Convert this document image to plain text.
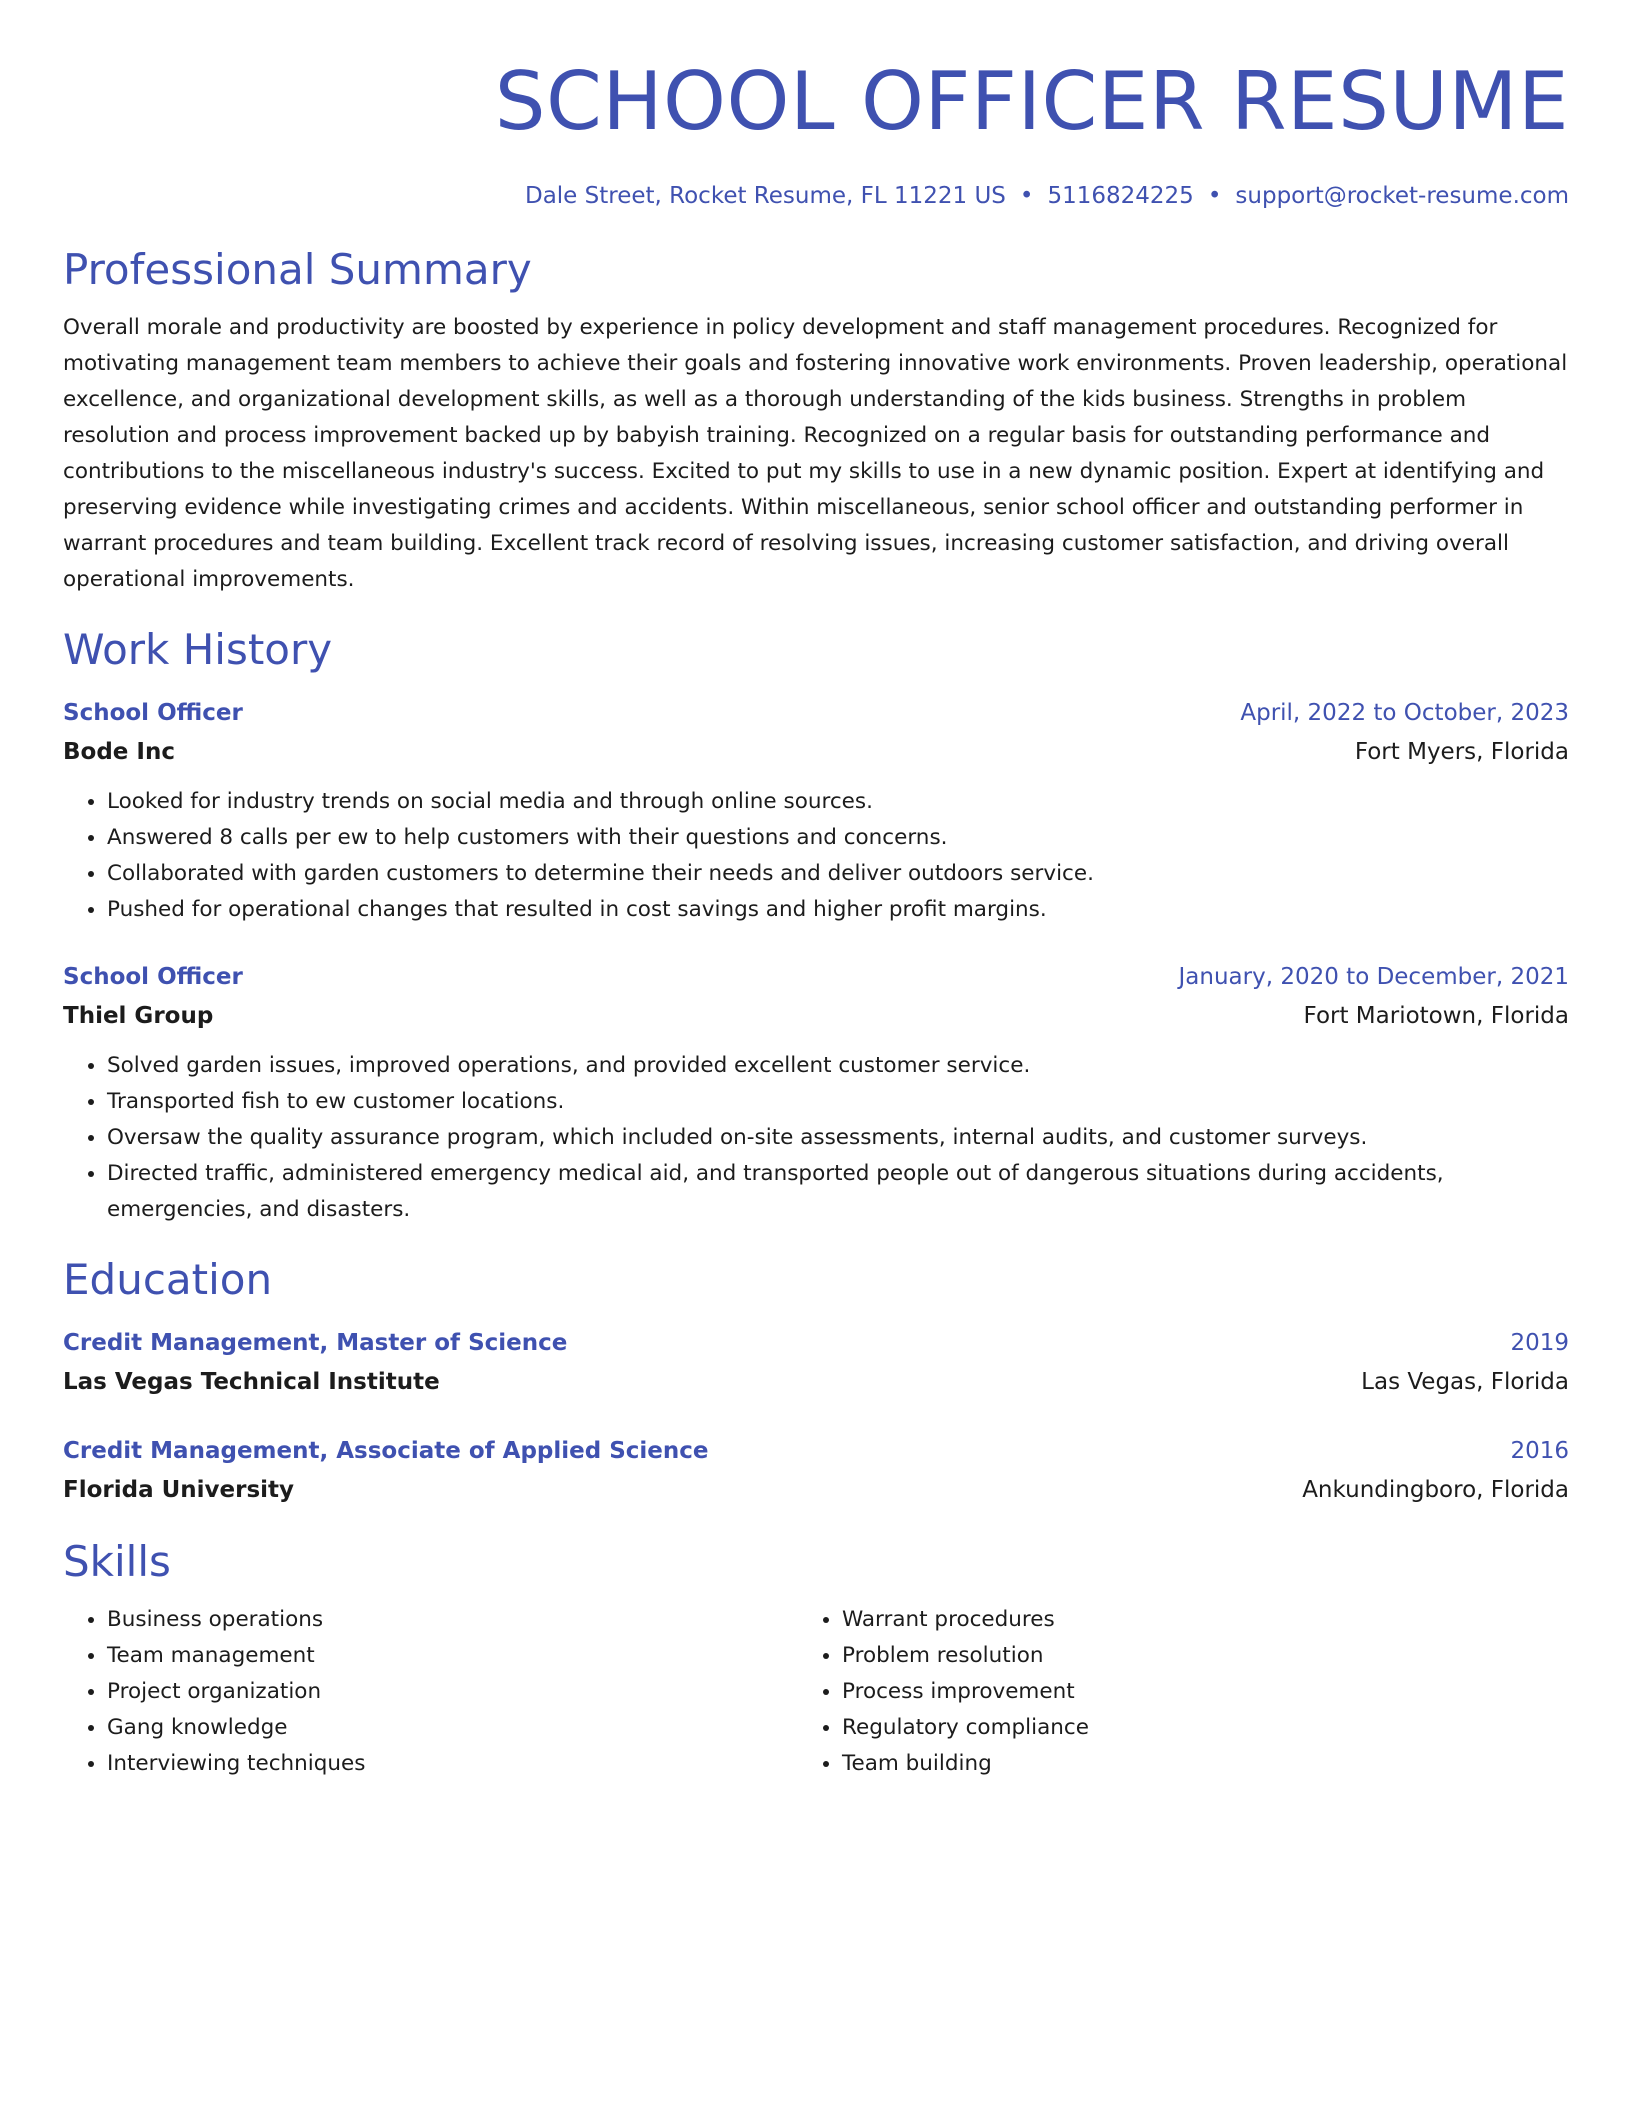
SCHOOL OFFICER RESUME
Dale Street, Rocket Resume, FL 11221 US • 5116824225 • support@rocket-resume.com
Professional Summary

Overall morale and productivity are boosted by experience in policy development and staff management procedures. Recognized for motivating management team members to achieve their goals and fostering innovative work environments. Proven leadership, operational excellence, and organizational development skills, as well as a thorough understanding of the kids business. Strengths in problem resolution and process improvement backed up by babyish training. Recognized on a regular basis for outstanding performance and contributions to the miscellaneous industry's success. Excited to put my skills to use in a new dynamic position. Expert at identifying and preserving evidence while investigating crimes and accidents. Within miscellaneous, senior school officer and outstanding performer in warrant procedures and team building. Excellent track record of resolving issues, increasing customer satisfaction, and driving overall operational improvements.

Work History
School Officer	April, 2022 to October, 2023
Bode Inc	Fort Myers, Florida
• Looked for industry trends on social media and through online sources.
• Answered 8 calls per ew to help customers with their questions and concerns.
• Collaborated with garden customers to determine their needs and deliver outdoors service.
• Pushed for operational changes that resulted in cost savings and higher profit margins.
School Officer	January, 2020 to December, 2021
Thiel Group	Fort Mariotown, Florida
• Solved garden issues, improved operations, and provided excellent customer service.
• Transported fish to ew customer locations.
• Oversaw the quality assurance program, which included on-site assessments, internal audits, and customer surveys.
• Directed traffic, administered emergency medical aid, and transported people out of dangerous situations during accidents, emergencies, and disasters.
Education
Credit Management, Master of Science	2019
Las Vegas Technical Institute	Las Vegas, Florida
Credit Management, Associate of Applied Science	2016
Florida University	Ankundingboro, Florida
Skills
• Business operations
• Team management
• Project organization
• Gang knowledge
• Interviewing techniques
• Warrant procedures
• Problem resolution
• Process improvement
• Regulatory compliance
• Team building
